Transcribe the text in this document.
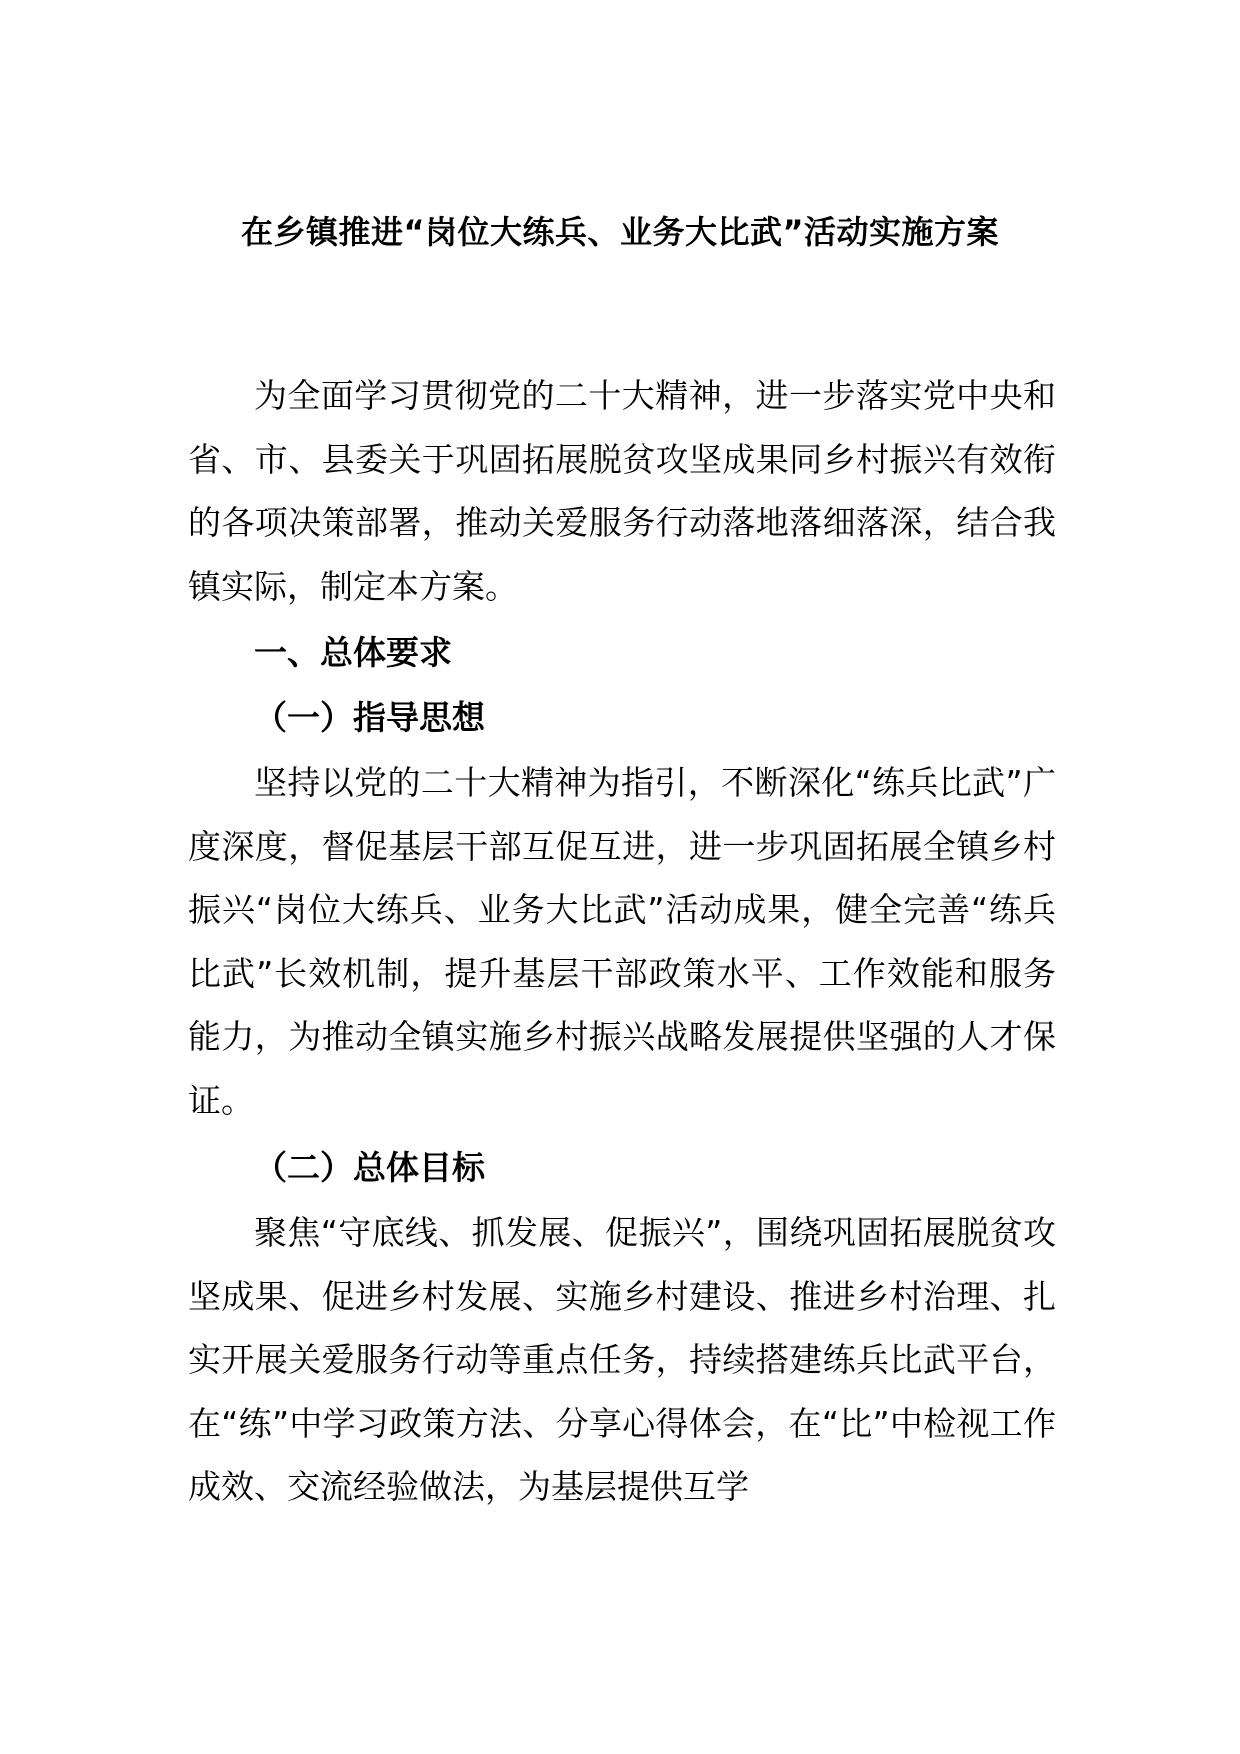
在乡镇推进“岗位大练兵、业务大比武”活动实施方案

为全面学习贯彻党的二十大精神，进一步落实党中央和省、市、县委关于巩固拓展脱贫攻坚成果同乡村振兴有效衔的各项决策部署，推动关爱服务行动落地落细落深，结合我镇实际，制定本方案。

一、总体要求

（一）指导思想

坚持以党的二十大精神为指引，不断深化“练兵比武”广度深度，督促基层干部互促互进，进一步巩固拓展全镇乡村振兴“岗位大练兵、业务大比武”活动成果，健全完善“练兵比武”长效机制，提升基层干部政策水平、工作效能和服务能力，为推动全镇实施乡村振兴战略发展提供坚强的人才保证。

（二）总体目标

聚焦“守底线、抓发展、促振兴”，围绕巩固拓展脱贫攻坚成果、促进乡村发展、实施乡村建设、推进乡村治理、扎实开展关爱服务行动等重点任务，持续搭建练兵比武平台，在“练”中学习政策方法、分享心得体会，在“比”中检视工作成效、交流经验做法，为基层提供互学
